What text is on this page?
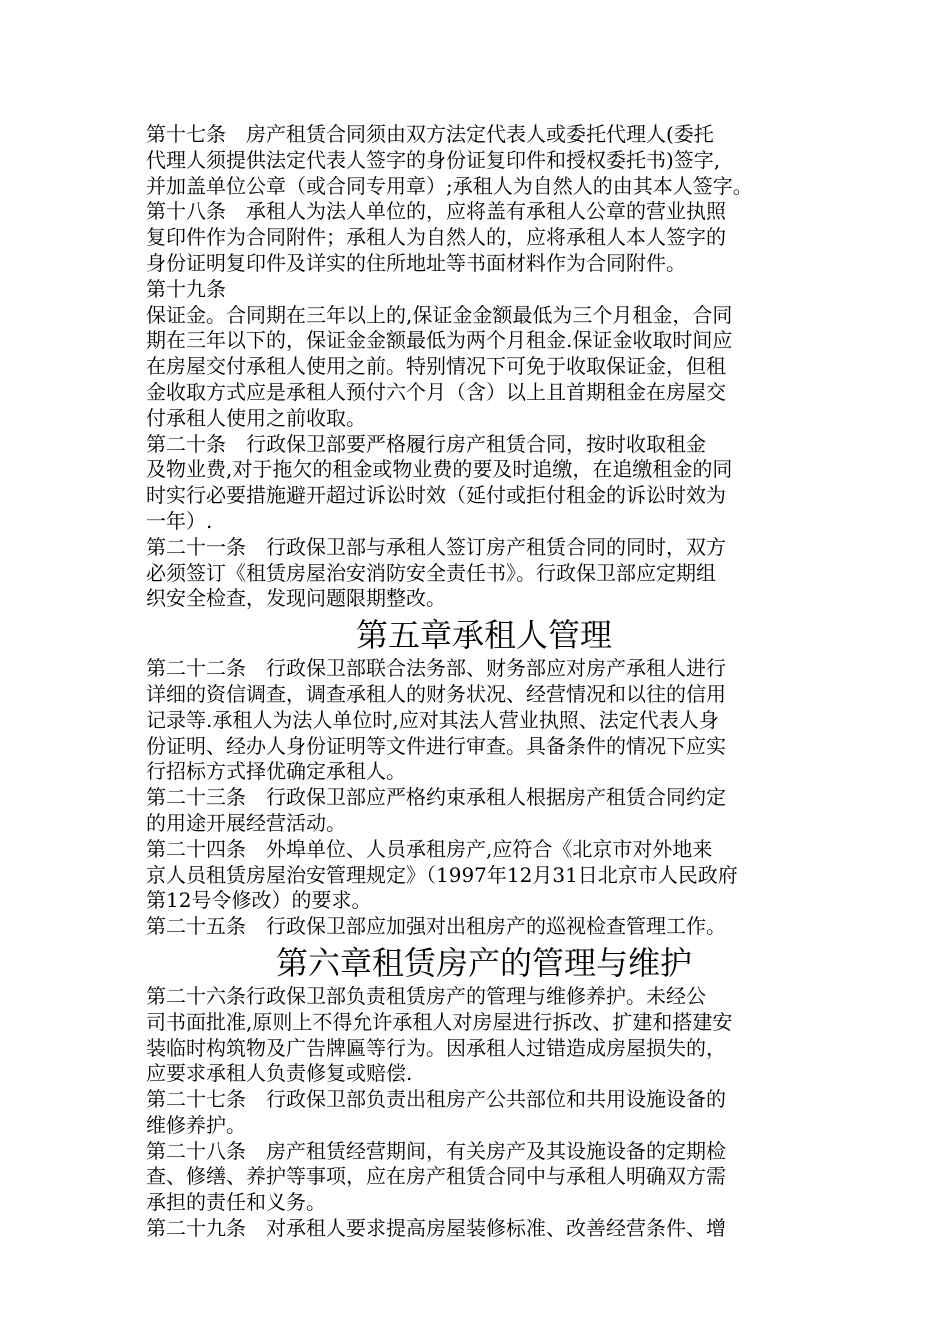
第十七条　房产租赁合同须由双方法定代表人或委托代理人(委托
代理人须提供法定代表人签字的身份证复印件和授权委托书)签字,
并加盖单位公章（或合同专用章）;承租人为自然人的由其本人签字。
第十八条　承租人为法人单位的，应将盖有承租人公章的营业执照
复印件作为合同附件；承租人为自然人的，应将承租人本人签字的
身份证明复印件及详实的住所地址等书面材料作为合同附件。
第十九条
保证金。合同期在三年以上的,保证金金额最低为三个月租金，合同
期在三年以下的，保证金金额最低为两个月租金.保证金收取时间应
在房屋交付承租人使用之前。特别情况下可免于收取保证金，但租
金收取方式应是承租人预付六个月（含）以上且首期租金在房屋交
付承租人使用之前收取。
第二十条　行政保卫部要严格履行房产租赁合同，按时收取租金
及物业费,对于拖欠的租金或物业费的要及时追缴，在追缴租金的同
时实行必要措施避开超过诉讼时效（延付或拒付租金的诉讼时效为
一年）.
第二十一条　行政保卫部与承租人签订房产租赁合同的同时，双方
必须签订《租赁房屋治安消防安全责任书》。行政保卫部应定期组
织安全检查，发现问题限期整改。
第五章承租人管理
第二十二条　行政保卫部联合法务部、财务部应对房产承租人进行
详细的资信调查，调查承租人的财务状况、经营情况和以往的信用
记录等.承租人为法人单位时,应对其法人营业执照、法定代表人身
份证明、经办人身份证明等文件进行审查。具备条件的情况下应实
行招标方式择优确定承租人。
第二十三条　行政保卫部应严格约束承租人根据房产租赁合同约定
的用途开展经营活动。
第二十四条　外埠单位、人员承租房产,应符合《北京市对外地来
京人员租赁房屋治安管理规定》（1997年12月31日北京市人民政府
第12号令修改）的要求。
第二十五条　行政保卫部应加强对出租房产的巡视检查管理工作。
第六章租赁房产的管理与维护
第二十六条行政保卫部负责租赁房产的管理与维修养护。未经公
司书面批准,原则上不得允许承租人对房屋进行拆改、扩建和搭建安
装临时构筑物及广告牌匾等行为。因承租人过错造成房屋损失的，
应要求承租人负责修复或赔偿.
第二十七条　行政保卫部负责出租房产公共部位和共用设施设备的
维修养护。
第二十八条　房产租赁经营期间，有关房产及其设施设备的定期检
查、修缮、养护等事项，应在房产租赁合同中与承租人明确双方需
承担的责任和义务。
第二十九条　对承租人要求提高房屋装修标准、改善经营条件、增
